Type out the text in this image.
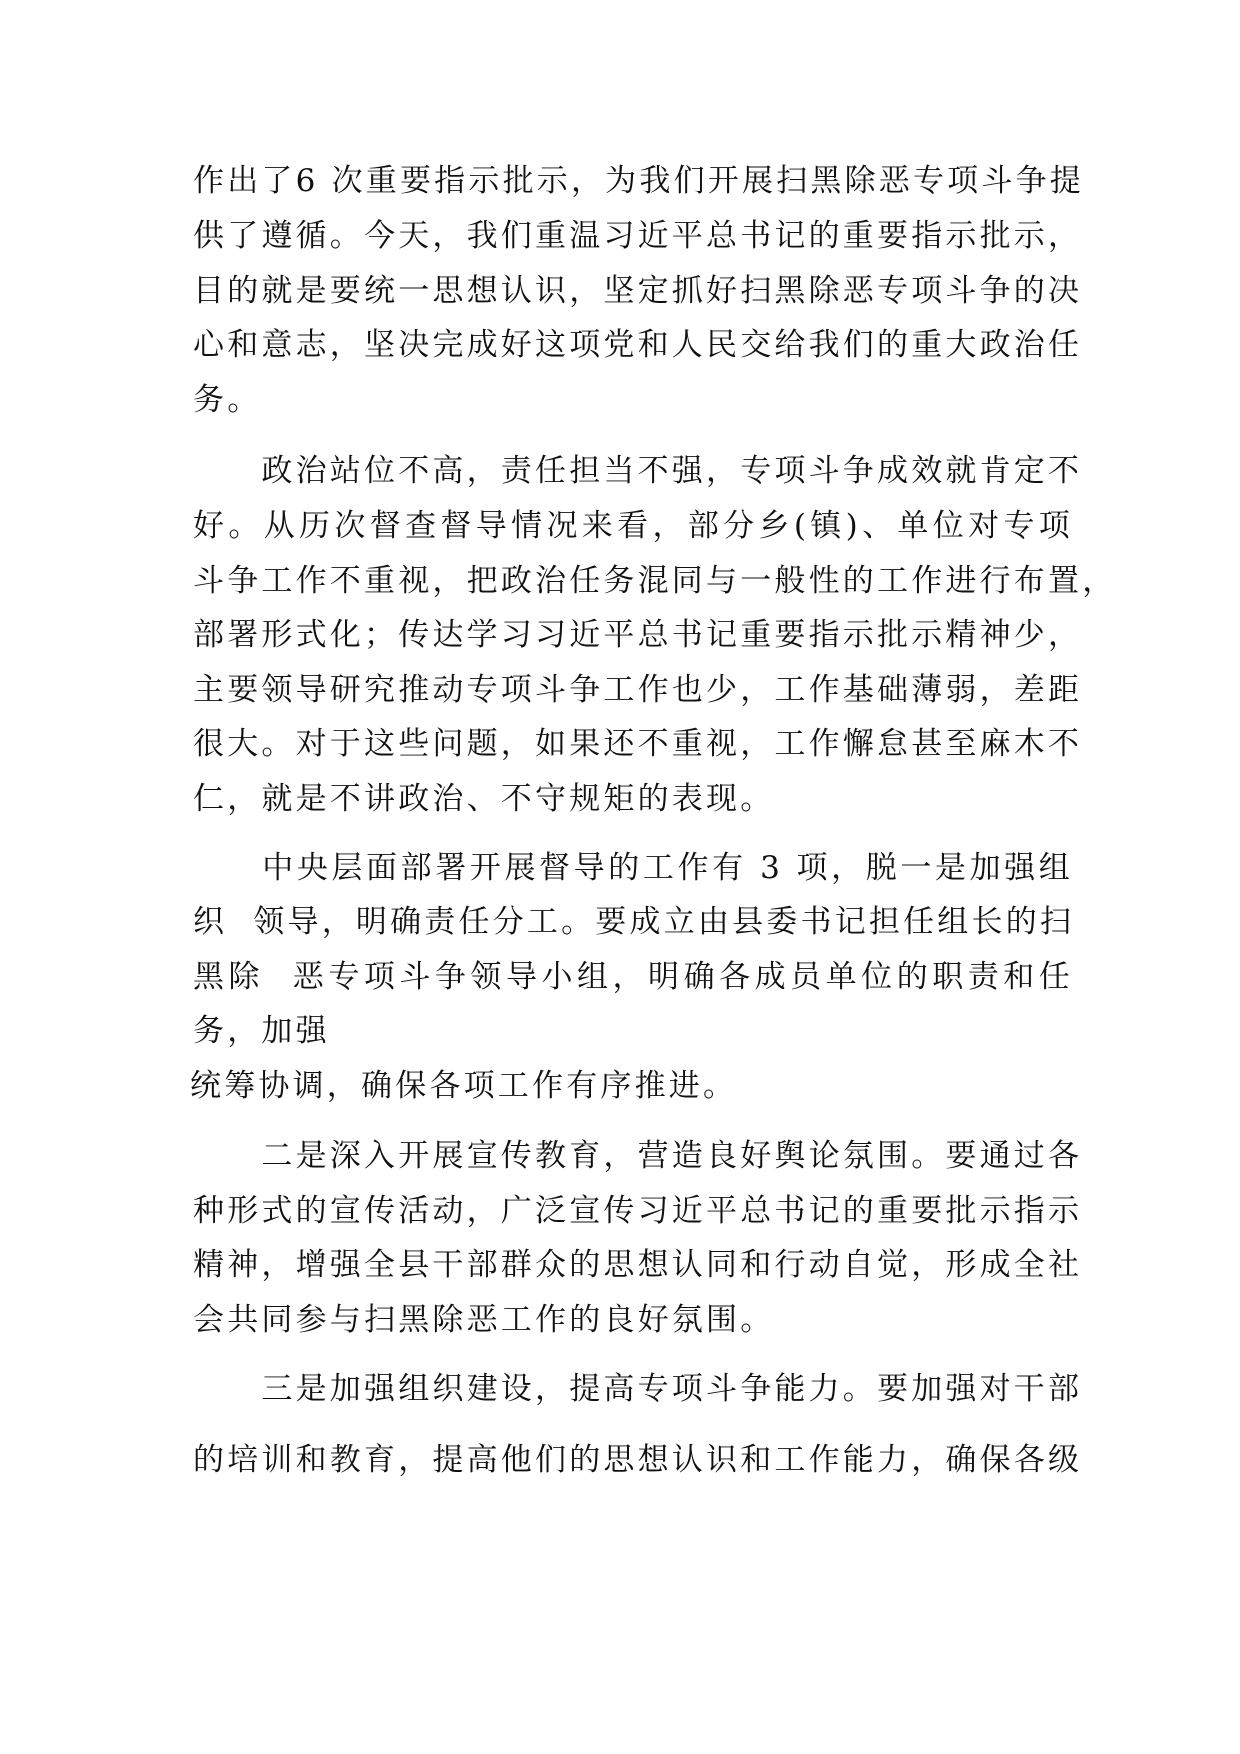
作出了6 次重要指示批示，为我们开展扫黑除恶专项斗争提
供了遵循。今天，我们重温习近平总书记的重要指示批示，
目的就是要统一思想认识，坚定抓好扫黑除恶专项斗争的决
心和意志，坚决完成好这项党和人民交给我们的重大政治任
务。
　　政治站位不高，责任担当不强，专项斗争成效就肯定不
好。从历次督查督导情况来看，部分乡(镇)、单位对专项
斗争工作不重视，把政治任务混同与一般性的工作进行布置，
部署形式化；传达学习习近平总书记重要指示批示精神少，
主要领导研究推动专项斗争工作也少，工作基础薄弱，差距
很大。对于这些问题，如果还不重视，工作懈怠甚至麻木不
仁，就是不讲政治、不守规矩的表现。
　　中央层面部署开展督导的工作有 3 项，脱一是加强组
织  领导，明确责任分工。要成立由县委书记担任组长的扫
黑除  恶专项斗争领导小组，明确各成员单位的职责和任
务，加强
统筹协调，确保各项工作有序推进。
　　二是深入开展宣传教育，营造良好舆论氛围。要通过各
种形式的宣传活动，广泛宣传习近平总书记的重要批示指示
精神，增强全县干部群众的思想认同和行动自觉，形成全社
会共同参与扫黑除恶工作的良好氛围。
　　三是加强组织建设，提高专项斗争能力。要加强对干部
的培训和教育，提高他们的思想认识和工作能力，确保各级
